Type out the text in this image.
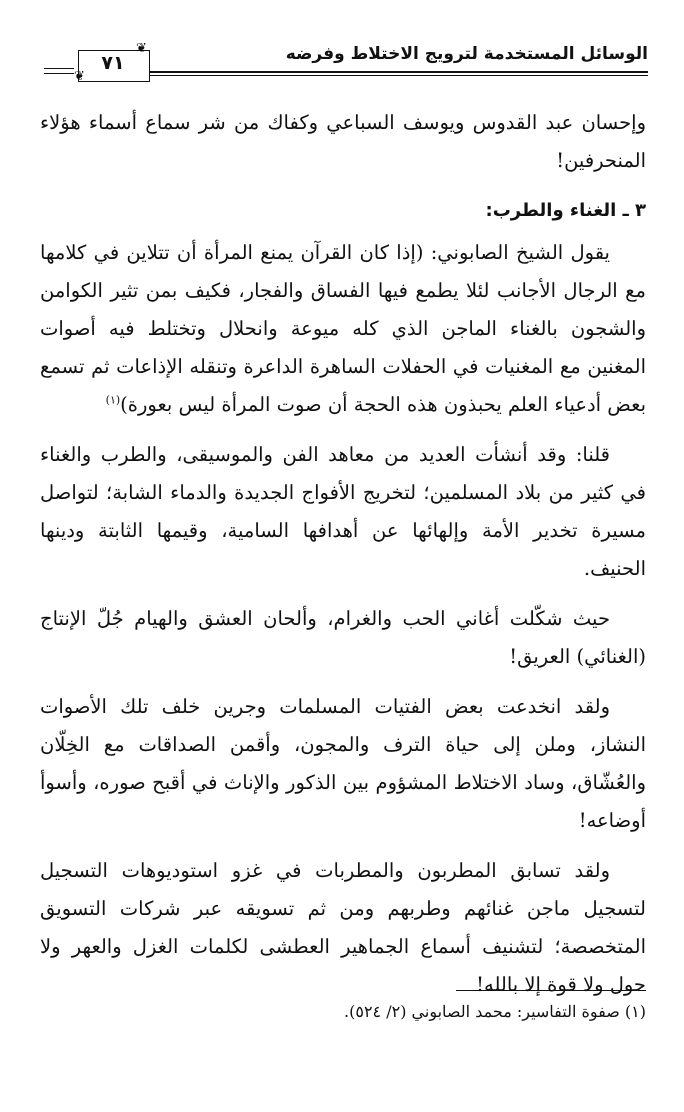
الوسائل المستخدمة لترويج الاختلاط وفرضه
٧١
❦
❦

وإحسان عبد القدوس ويوسف السباعي وكفاك من شر سماع أسماء هؤلاء المنحرفين!

٣ ـ الغناء والطرب:

يقول الشيخ الصابوني: (إذا كان القرآن يمنع المرأة أن تتلاين في كلامها مع الرجال الأجانب لئلا يطمع فيها الفساق والفجار، فكيف بمن تثير الكوامن والشجون بالغناء الماجن الذي كله ميوعة وانحلال وتختلط فيه أصوات المغنين مع المغنيات في الحفلات الساهرة الداعرة وتنقله الإذاعات ثم تسمع بعض أدعياء العلم يحبذون هذه الحجة أن صوت المرأة ليس بعورة)$^{(١)}$

قلنا: وقد أنشأت العديد من معاهد الفن والموسيقى، والطرب والغناء في كثير من بلاد المسلمين؛ لتخريج الأفواج الجديدة والدماء الشابة؛ لتواصل مسيرة تخدير الأمة وإلهائها عن أهدافها السامية، وقيمها الثابتة ودينها الحنيف.

حيث شكّلت أغاني الحب والغرام، وألحان العشق والهيام جُلّ الإنتاج (الغنائي) العريق!

ولقد انخدعت بعض الفتيات المسلمات وجرين خلف تلك الأصوات النشاز، وملن إلى حياة الترف والمجون، وأقمن الصداقات مع الخِلّان والعُشّاق، وساد الاختلاط المشؤوم بين الذكور والإناث في أقبح صوره، وأسوأ أوضاعه!

ولقد تسابق المطربون والمطربات في غزو استوديوهات التسجيل لتسجيل ماجن غنائهم وطربهم ومن ثم تسويقه عبر شركات التسويق المتخصصة؛ لتشنيف أسماع الجماهير العطشى لكلمات الغزل والعهر ولا حول ولا قوة إلا بالله!

(١) صفوة التفاسير: محمد الصابوني (٢/ ٥٢٤).
